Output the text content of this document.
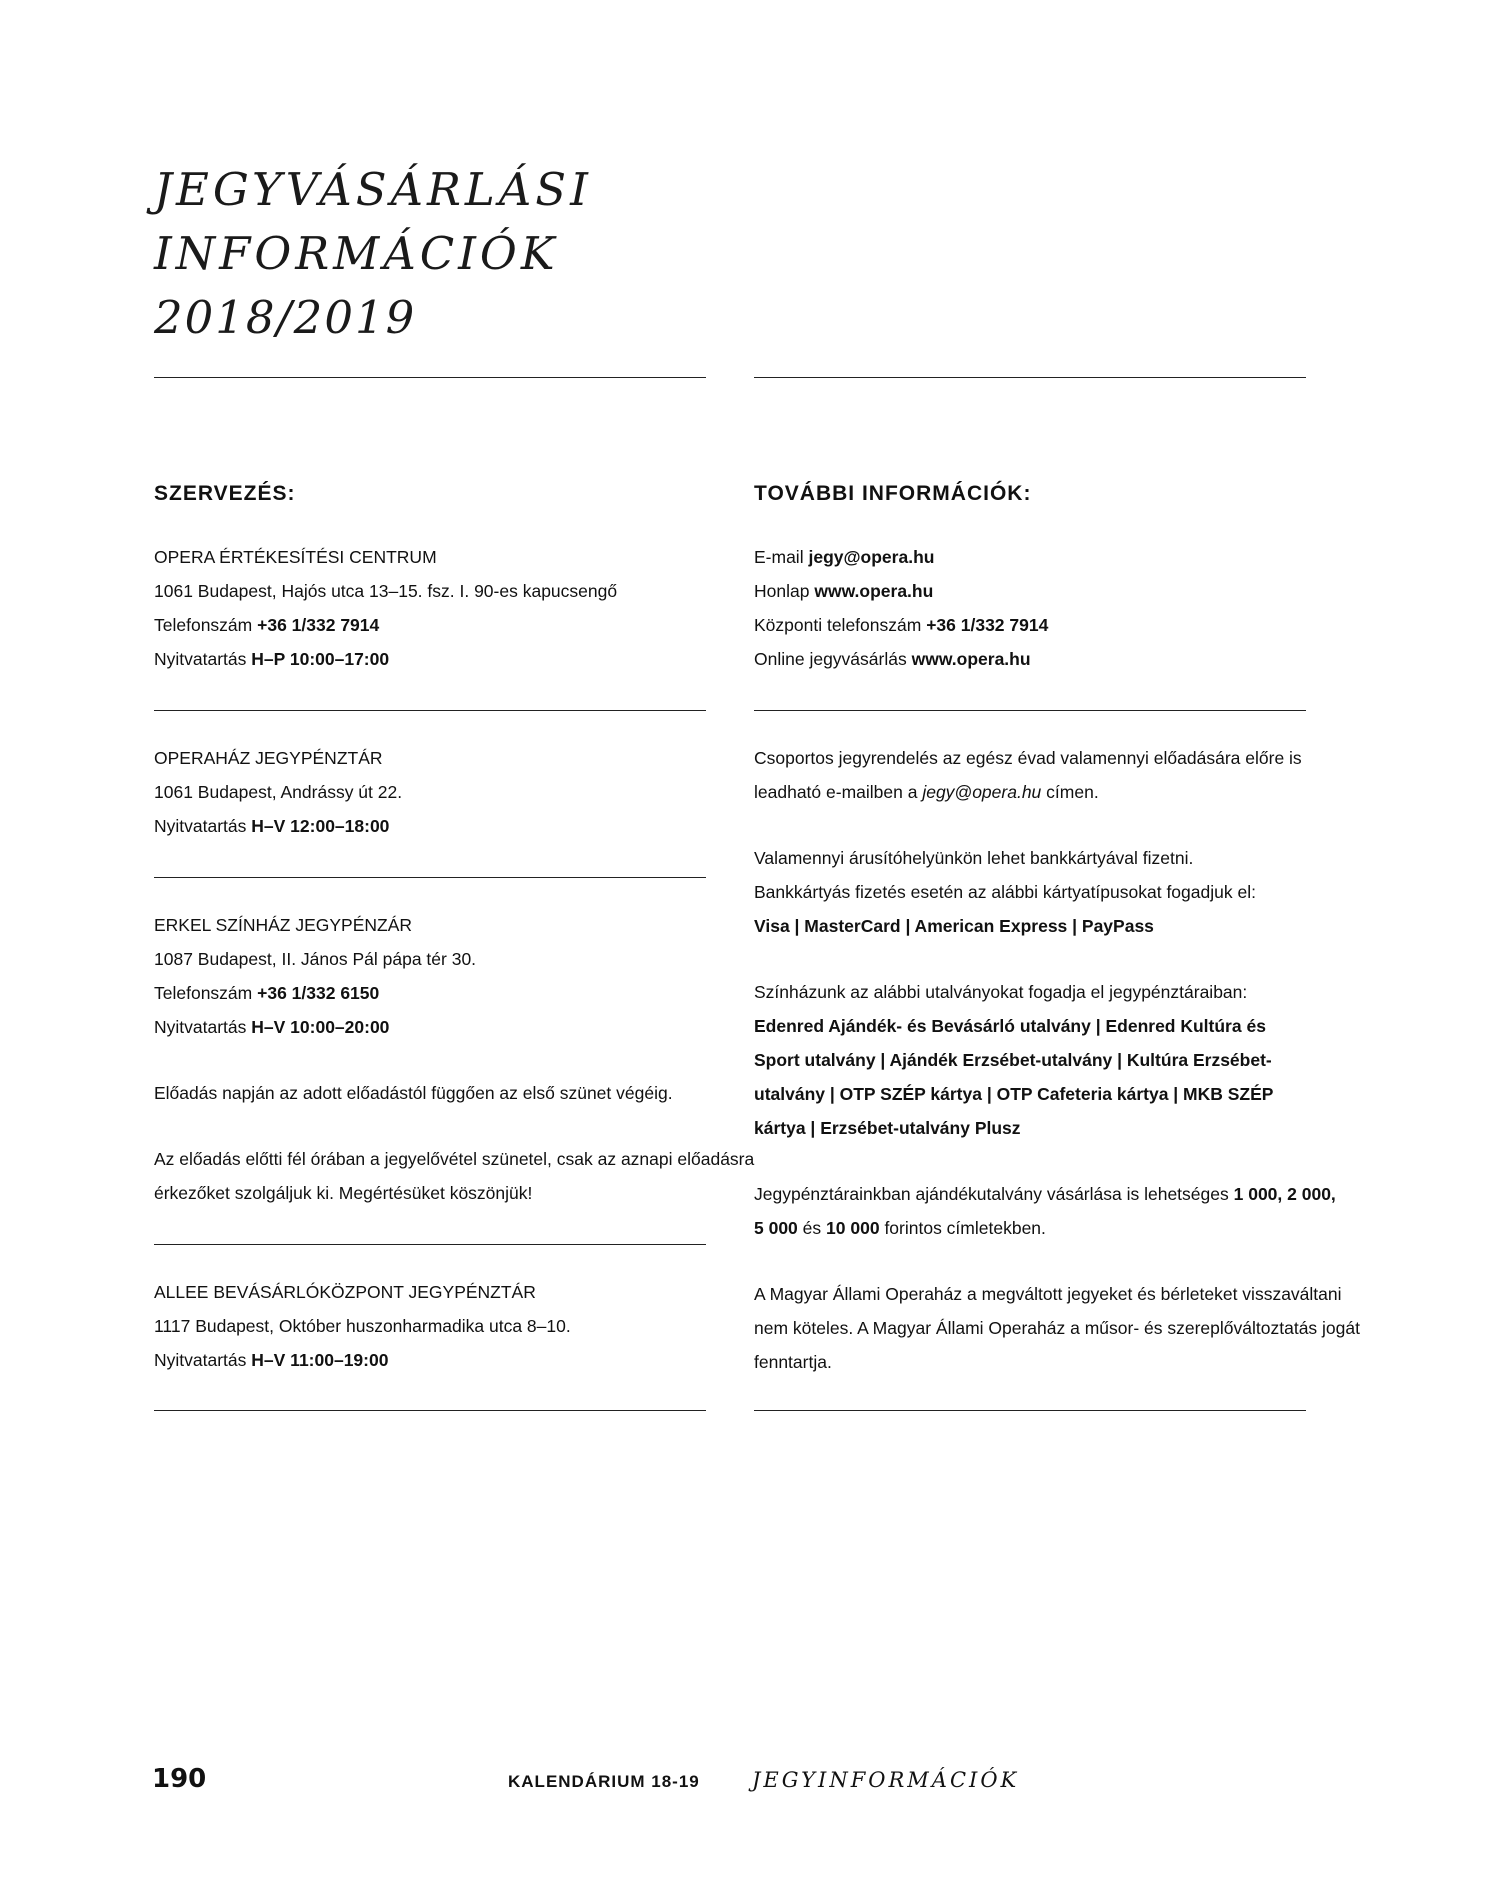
JEGYVÁSÁRLÁSI
INFORMÁCIÓK
2018/2019
SZERVEZÉS:
OPERA ÉRTÉKESÍTÉSI CENTRUM
1061 Budapest, Hajós utca 13–15. fsz. I. 90-es kapucsengő
Telefonszám +36 1/332 7914
Nyitvatartás H–P 10:00–17:00
OPERAHÁZ JEGYPÉNZTÁR
1061 Budapest, Andrássy út 22.
Nyitvatartás H–V 12:00–18:00
ERKEL SZÍNHÁZ JEGYPÉNZÁR
1087 Budapest, II. János Pál pápa tér 30.
Telefonszám +36 1/332 6150
Nyitvatartás H–V 10:00–20:00
Előadás napján az adott előadástól függően az első szünet végéig.
Az előadás előtti fél órában a jegyelővétel szünetel, csak az aznapi előadásra
érkezőket szolgáljuk ki. Megértésüket köszönjük!
ALLEE BEVÁSÁRLÓKÖZPONT JEGYPÉNZTÁR
1117 Budapest, Október huszonharmadika utca 8–10.
Nyitvatartás H–V 11:00–19:00
TOVÁBBI INFORMÁCIÓK:
E-mail jegy@opera.hu
Honlap www.opera.hu
Központi telefonszám +36 1/332 7914
Online jegyvásárlás www.opera.hu
Csoportos jegyrendelés az egész évad valamennyi előadására előre is
leadható e-mailben a jegy@opera.hu címen.
Valamennyi árusítóhelyünkön lehet bankkártyával fizetni.
Bankkártyás fizetés esetén az alábbi kártyatípusokat fogadjuk el:
Visa | MasterCard | American Express | PayPass
Színházunk az alábbi utalványokat fogadja el jegypénztáraiban:
Edenred Ajándék- és Bevásárló utalvány | Edenred Kultúra és
Sport utalvány | Ajándék Erzsébet-utalvány | Kultúra Erzsébet-
utalvány | OTP SZÉP kártya | OTP Cafeteria kártya | MKB SZÉP
kártya | Erzsébet-utalvány Plusz
Jegypénztárainkban ajándékutalvány vásárlása is lehetséges 1 000, 2 000,
5 000 és 10 000 forintos címletekben.
A Magyar Állami Operaház a megváltott jegyeket és bérleteket visszaváltani
nem köteles. A Magyar Állami Operaház a műsor- és szereplőváltoztatás jogát
fenntartja.
190	KALENDÁRIUM 18-19 JEGYINFORMÁCIÓK
